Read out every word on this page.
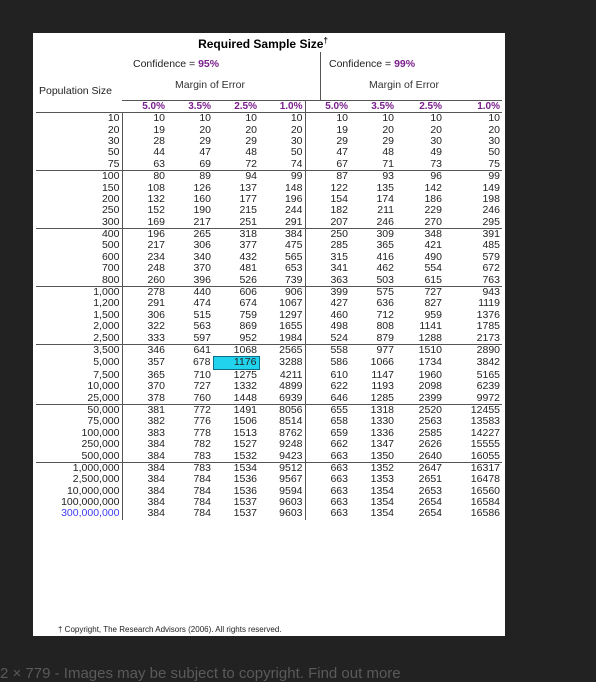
Required Sample Size†
Confidence = 95%	Confidence = 99%
Margin of Error	Margin of Error
Population Size
	5.0%	3.5%	2.5%	1.0%	5.0%	3.5%	2.5%	1.0%
10	10	10	10	10	10	10	10	10
20	19	20	20	20	19	20	20	20
30	28	29	29	30	29	29	30	30
50	44	47	48	50	47	48	49	50
75	63	69	72	74	67	71	73	75
100	80	89	94	99	87	93	96	99
150	108	126	137	148	122	135	142	149
200	132	160	177	196	154	174	186	198
250	152	190	215	244	182	211	229	246
300	169	217	251	291	207	246	270	295
400	196	265	318	384	250	309	348	391
500	217	306	377	475	285	365	421	485
600	234	340	432	565	315	416	490	579
700	248	370	481	653	341	462	554	672
800	260	396	526	739	363	503	615	763
1,000	278	440	606	906	399	575	727	943
1,200	291	474	674	1067	427	636	827	1119
1,500	306	515	759	1297	460	712	959	1376
2,000	322	563	869	1655	498	808	1141	1785
2,500	333	597	952	1984	524	879	1288	2173
3,500	346	641	1068	2565	558	977	1510	2890
5,000	357	678	1176	3288	586	1066	1734	3842
7,500	365	710	1275	4211	610	1147	1960	5165
10,000	370	727	1332	4899	622	1193	2098	6239
25,000	378	760	1448	6939	646	1285	2399	9972
50,000	381	772	1491	8056	655	1318	2520	12455
75,000	382	776	1506	8514	658	1330	2563	13583
100,000	383	778	1513	8762	659	1336	2585	14227
250,000	384	782	1527	9248	662	1347	2626	15555
500,000	384	783	1532	9423	663	1350	2640	16055
1,000,000	384	783	1534	9512	663	1352	2647	16317
2,500,000	384	784	1536	9567	663	1353	2651	16478
10,000,000	384	784	1536	9594	663	1354	2653	16560
100,000,000	384	784	1537	9603	663	1354	2654	16584
300,000,000	384	784	1537	9603	663	1354	2654	16586
† Copyright, The Research Advisors (2006). All rights reserved.
2 × 779 - Images may be subject to copyright. Find out more
